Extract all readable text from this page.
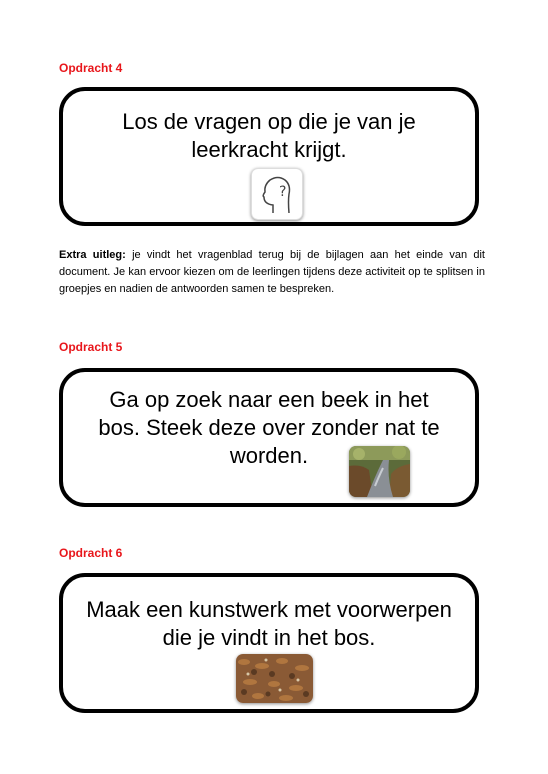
Opdracht 4
Los de vragen op die je van je
leerkracht krijgt.
?
Extra uitleg: je vindt het vragenblad terug bij de bijlagen aan het einde van dit document. Je kan ervoor kiezen om de leerlingen tijdens deze activiteit op te splitsen in groepjes en nadien de antwoorden samen te bespreken.
Opdracht 5
Ga op zoek naar een beek in het
bos. Steek deze over zonder nat te
worden.
Opdracht 6
Maak een kunstwerk met voorwerpen
die je vindt in het bos.
